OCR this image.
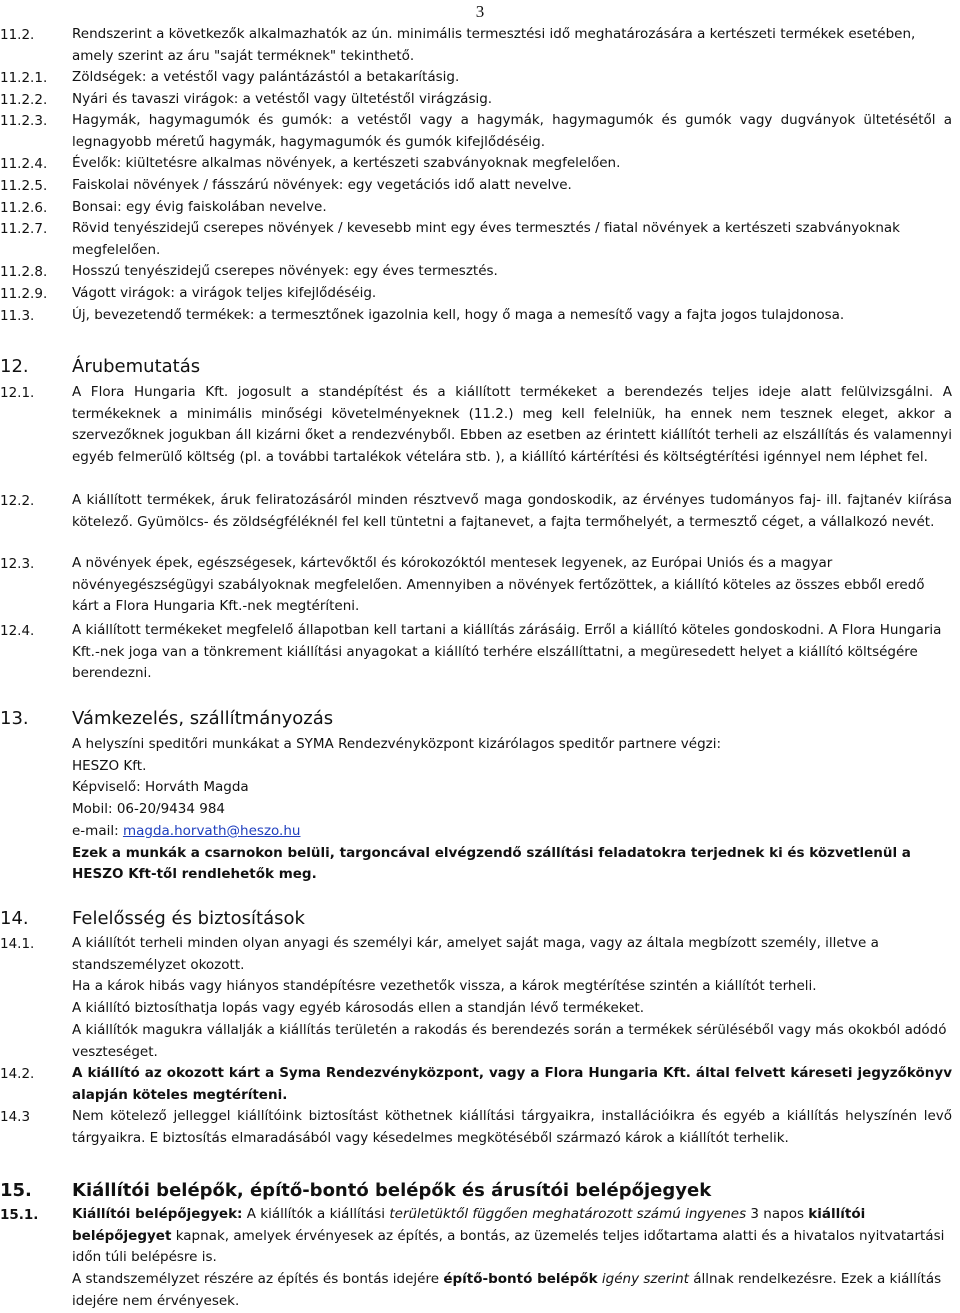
3
11.2.	Rendszerint a következők alkalmazhatók az ún. minimális termesztési idő meghatározására a kertészeti termékek esetében, amely szerint az áru "saját terméknek" tekinthető.
11.2.1.	Zöldségek: a vetéstől vagy palántázástól a betakarításig.
11.2.2.	Nyári és tavaszi virágok: a vetéstől vagy ültetéstől virágzásig.
11.2.3.	Hagymák, hagymagumók és gumók: a vetéstől vagy a hagymák, hagymagumók és gumók vagy dugványok ültetésétől a legnagyobb méretű hagymák, hagymagumók és gumók kifejlődéséig.
11.2.4.	Évelők: kiültetésre alkalmas növények, a kertészeti szabványoknak megfelelően.
11.2.5.	Faiskolai növények / fásszárú növények: egy vegetációs idő alatt nevelve.
11.2.6.	Bonsai: egy évig faiskolában nevelve.
11.2.7.	Rövid tenyészidejű cserepes növények / kevesebb mint egy éves termesztés / fiatal növények a kertészeti szabványoknak megfelelően.
11.2.8.	Hosszú tenyészidejű cserepes növények: egy éves termesztés.
11.2.9.	Vágott virágok: a virágok teljes kifejlődéséig.
11.3.	Új, bevezetendő termékek: a termesztőnek igazolnia kell, hogy ő maga a nemesítő vagy a fajta jogos tulajdonosa.
12. Árubemutatás
12.1.	A Flora Hungaria Kft. jogosult a standépítést és a kiállított termékeket a berendezés teljes ideje alatt felülvizsgálni. A termékeknek a minimális minőségi követelményeknek (11.2.) meg kell felelniük, ha ennek nem tesznek eleget, akkor a szervezőknek jogukban áll kizárni őket a rendezvényből. Ebben az esetben az érintett kiállítót terheli az elszállítás és valamennyi egyéb felmerülő költség (pl. a további tartalékok vételára stb. ), a kiállító kártérítési és költségtérítési igénnyel nem léphet fel.
12.2.	A kiállított termékek, áruk feliratozásáról minden résztvevő maga gondoskodik, az érvényes tudományos faj- ill. fajtanév kiírása kötelező. Gyümölcs- és zöldségféléknél fel kell tüntetni a fajtanevet, a fajta termőhelyét, a termesztő céget, a vállalkozó nevét.
12.3.	A növények épek, egészségesek, kártevőktől és kórokozóktól mentesek legyenek, az Európai Uniós és a magyar növényegészségügyi szabályoknak megfelelően. Amennyiben a növények fertőzöttek, a kiállító köteles az összes ebből eredő kárt a Flora Hungaria Kft.-nek megtéríteni.
12.4.	A kiállított termékeket megfelelő állapotban kell tartani a kiállítás zárásáig. Erről a kiállító köteles gondoskodni. A Flora Hungaria Kft.-nek joga van a tönkrement kiállítási anyagokat a kiállító terhére elszállíttatni, a megüresedett helyet a kiállító költségére berendezni.
13. Vámkezelés, szállítmányozás
A helyszíni speditőri munkákat a SYMA Rendezvényközpont kizárólagos speditőr partnere végzi:
HESZO Kft.
Képviselő: Horváth Magda
Mobil: 06-20/9434 984
e-mail: magda.horvath@heszo.hu
Ezek a munkák a csarnokon belüli, targoncával elvégzendő szállítási feladatokra terjednek ki és közvetlenül a HESZO Kft-től rendlehetők meg.
14. Felelősség és biztosítások
14.1.	A kiállítót terheli minden olyan anyagi és személyi kár, amelyet saját maga, vagy az általa megbízott személy, illetve a standszemélyzet okozott.
Ha a károk hibás vagy hiányos standépítésre vezethetők vissza, a károk megtérítése szintén a kiállítót terheli.
A kiállító biztosíthatja lopás vagy egyéb károsodás ellen a standján lévő termékeket.
A kiállítók magukra vállalják a kiállítás területén a rakodás és berendezés során a termékek sérüléséből vagy más okokból adódó veszteséget.
14.2.	A kiállító az okozott kárt a Syma Rendezvényközpont, vagy a Flora Hungaria Kft. által felvett kárеseti jegyzőkönyv alapján köteles megtéríteni.
14.3	Nem kötelező jelleggel kiállítóink biztosítást köthetnek kiállítási tárgyaikra, installációikra és egyéb a kiállítás helyszínén levő tárgyaikra. E biztosítás elmaradásából vagy késedelmes megkötéséből származó károk a kiállítót terhelik.
15. Kiállítói belépők, építő-bontó belépők és árusítói belépőjegyek
15.1.	Kiállítói belépőjegyek: A kiállítók a kiállítási területüktől függően meghatározott számú ingyenes 3 napos kiállítói belépőjegyet kapnak, amelyek érvényesek az építés, a bontás, az üzemelés teljes időtartama alatti és a hivatalos nyitvatartási időn túli belépésre is.
A standszemélyzet részére az építés és bontás idejére építő-bontó belépők igény szerint állnak rendelkezésre. Ezek a kiállítás idejére nem érvényesek.
